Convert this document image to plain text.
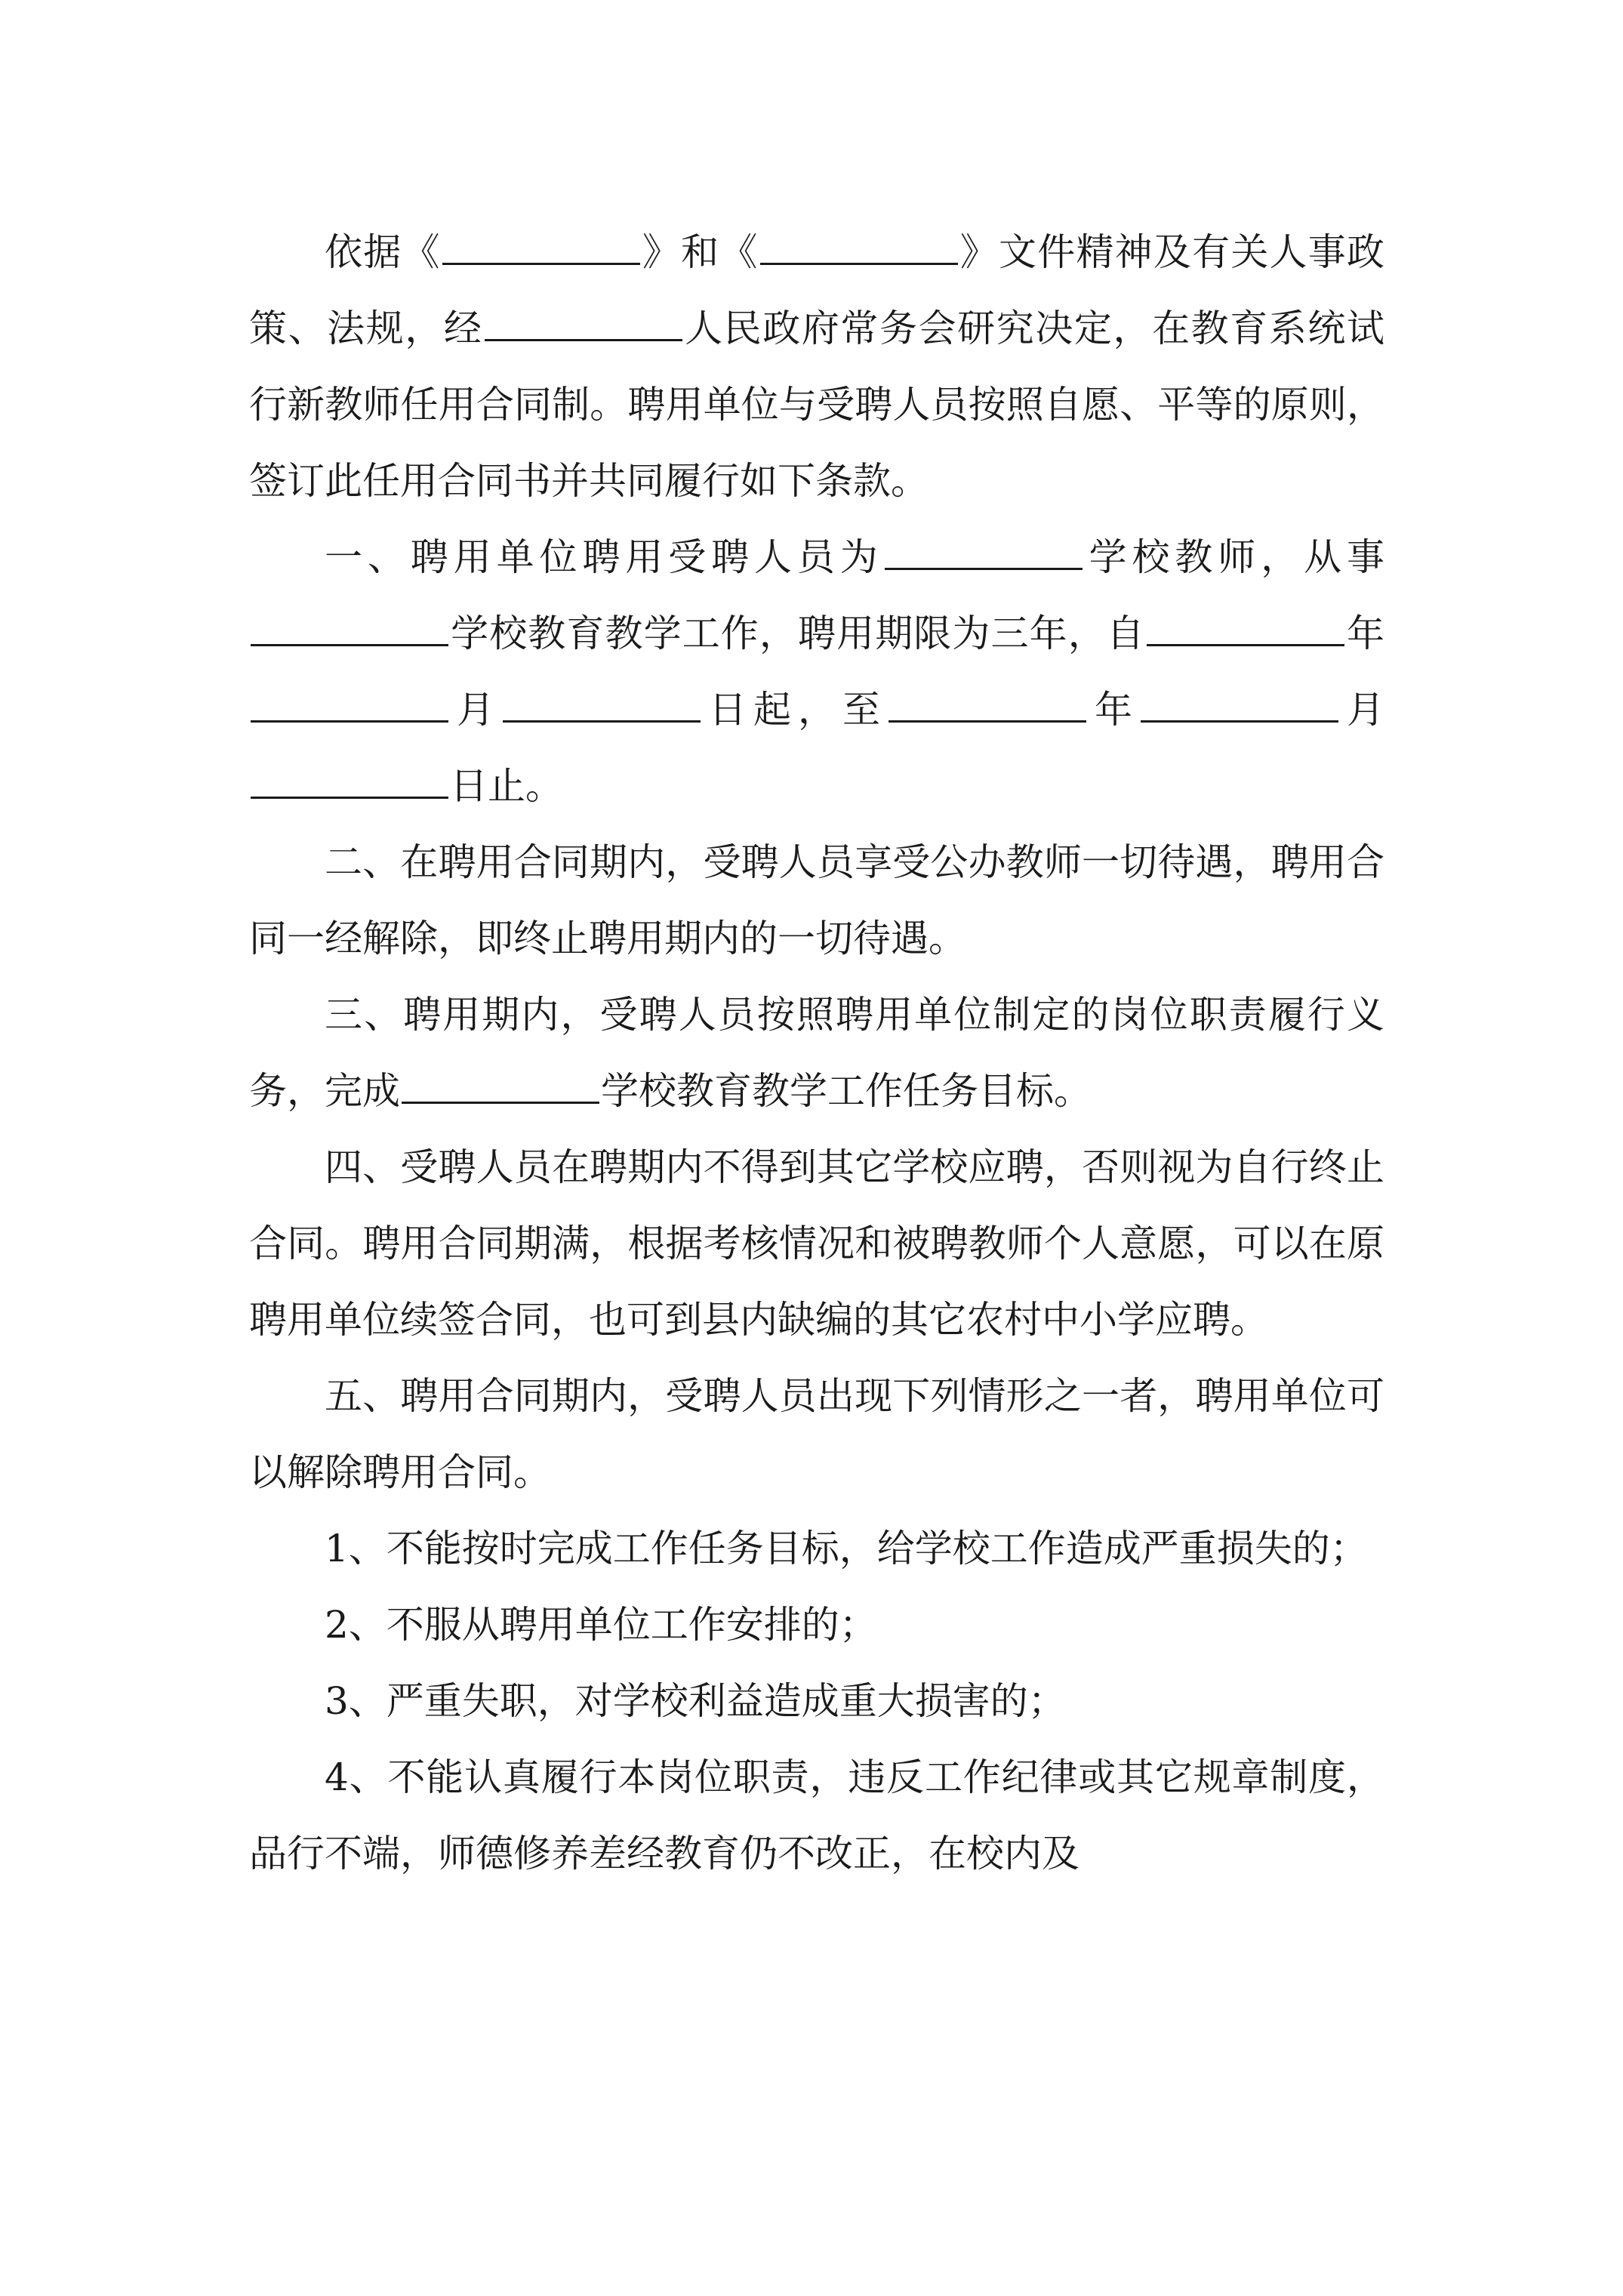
依据《	》和《	》文件精神及有关人事政策、法规，经	人民政府常务会研究决定，在教育系统试行新教师任用合同制。聘用单位与受聘人员按照自愿、平等的原则，签订此任用合同书并共同履行如下条款。

一、聘用单位聘用受聘人员为	学校教师，从事学校教育教学工作，聘用期限为三年，自	年月	日起，至	年	月日止。

二、在聘用合同期内，受聘人员享受公办教师一切待遇，聘用合同一经解除，即终止聘用期内的一切待遇。

三、聘用期内，受聘人员按照聘用单位制定的岗位职责履行义务，完成	学校教育教学工作任务目标。

四、受聘人员在聘期内不得到其它学校应聘，否则视为自行终止合同。聘用合同期满，根据考核情况和被聘教师个人意愿，可以在原聘用单位续签合同，也可到县内缺编的其它农村中小学应聘。

五、聘用合同期内，受聘人员出现下列情形之一者，聘用单位可以解除聘用合同。

1、不能按时完成工作任务目标，给学校工作造成严重损失的；

2、不服从聘用单位工作安排的；

3、严重失职，对学校利益造成重大损害的；

4、不能认真履行本岗位职责，违反工作纪律或其它规章制度，品行不端，师德修养差经教育仍不改正，在校内及
